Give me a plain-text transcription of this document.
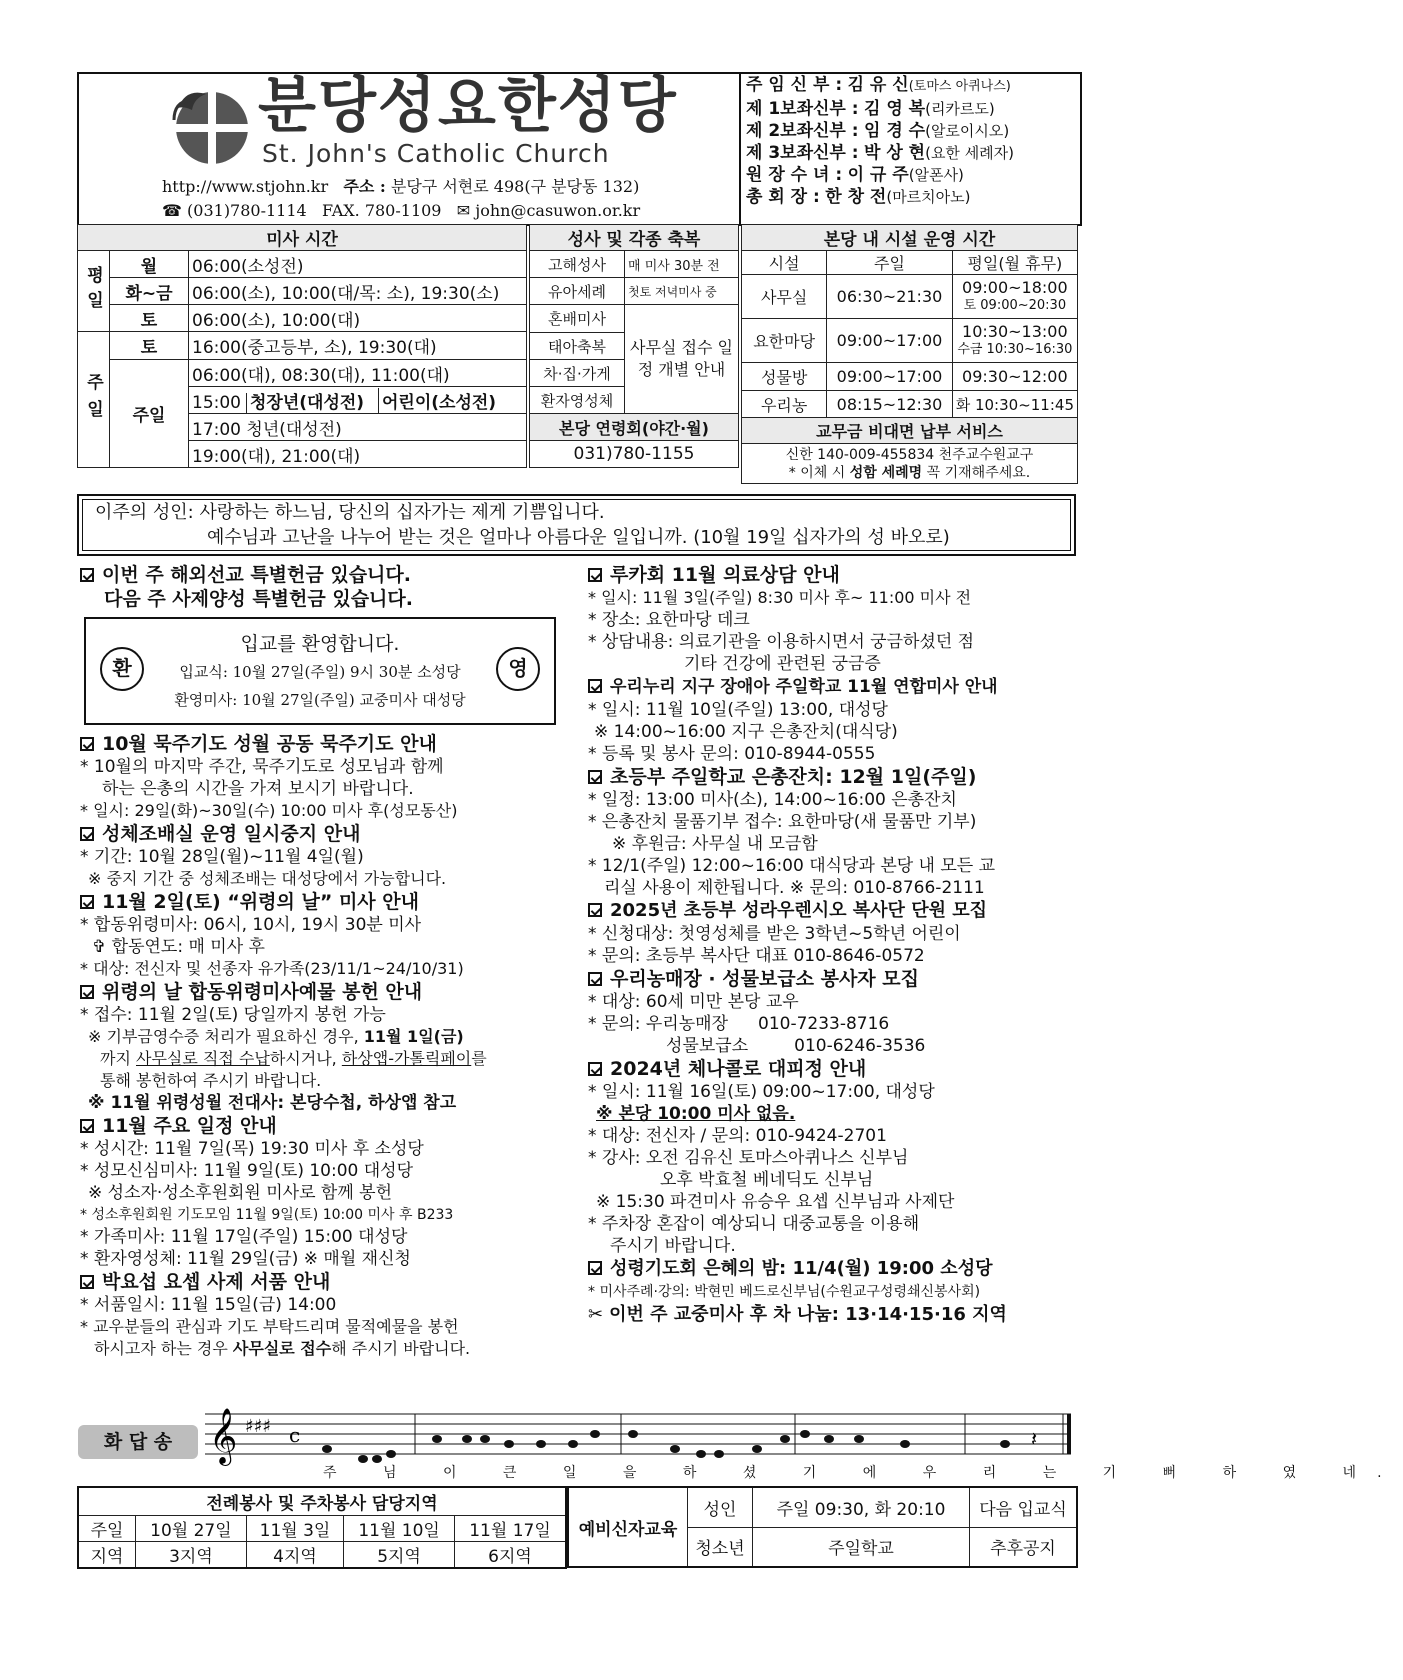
분당성요한성당
St. John's Catholic Church
http://www.stjohn.kr 주소 : 분당구 서현로 498(구 분당동 132)
☎ (031)780-1114 FAX. 780-1109 ✉ john@casuwon.or.kr
주 임 신 부 : 김 유 신(토마스 아퀴나스)
제 1보좌신부 : 김 영 복(리카르도)
제 2보좌신부 : 임 경 수(알로이시오)
제 3보좌신부 : 박 상 현(요한 세례자)
원 장 수 녀 : 이 규 주(알폰사)
총 회 장 : 한 창 전(마르치아노)
미사 시간		
평일	월	06:00(소성전)
	화~금	06:00(소), 10:00(대/목: 소), 19:30(소)
	토	06:00(소), 10:00(대)
주일	토	16:00(중고등부, 소), 19:30(대)
	주일	06:00(대), 08:30(대), 11:00(대)
		15:00 청장년(대성전) 어린이(소성전)
		17:00 청년(대성전)
		19:00(대), 21:00(대)
성사 및 각종 축복	
고해성사	매 미사 30분 전
유아세례	첫토 저녁미사 중
혼배미사	사무실 접수 일정 개별 안내
태아축복	
차·집·가게	
환자영성체	
본당 연령회(야간·월)	
031)780-1155	
본당 내 시설 운영 시간		
시설	주일	평일(월 휴무)
사무실	06:30~21:30	09:00~18:00
토 09:00~20:30

요한마당	09:00~17:00	10:30~13:00
수금 10:30~16:30

성물방	09:00~17:00	09:30~12:00
우리농	08:15~12:30	화 10:30~11:45
교무금 비대면 납부 서비스		

신한 140-009-455834 천주교수원교구
* 이체 시 성함 세례명 꼭 기재해주세요.		
이주의 성인: 사랑하는 하느님, 당신의 십자가는 제게 기쁨입니다.
예수님과 고난을 나누어 받는 것은 얼마나 아름다운 일입니까. (10월 19일 십자가의 성 바오로)
이번 주 해외선교 특별헌금 있습니다.
다음 주 사제양성 특별헌금 있습니다.
환	영
입교를 환영합니다.
입교식: 10월 27일(주일) 9시 30분 소성당
환영미사: 10월 27일(주일) 교중미사 대성당
10월 묵주기도 성월 공동 묵주기도 안내
* 10월의 마지막 주간, 묵주기도로 성모님과 함께
하는 은총의 시간을 가져 보시기 바랍니다.
* 일시: 29일(화)~30일(수) 10:00 미사 후(성모동산)
성체조배실 운영 일시중지 안내
* 기간: 10월 28일(월)~11월 4일(월)
※ 중지 기간 중 성체조배는 대성당에서 가능합니다.
11월 2일(토) “위령의 날” 미사 안내
* 합동위령미사: 06시, 10시, 19시 30분 미사
✞ 합동연도: 매 미사 후
* 대상: 전신자 및 선종자 유가족(23/11/1~24/10/31)
위령의 날 합동위령미사예물 봉헌 안내
* 접수: 11월 2일(토) 당일까지 봉헌 가능
※ 기부금영수증 처리가 필요하신 경우, 11월 1일(금)
까지 사무실로 직접 수납하시거나, 하상앱-가톨릭페이를
통해 봉헌하여 주시기 바랍니다.
※ 11월 위령성월 전대사: 본당수첩, 하상앱 참고
11월 주요 일정 안내
* 성시간: 11월 7일(목) 19:30 미사 후 소성당
* 성모신심미사: 11월 9일(토) 10:00 대성당
※ 성소자·성소후원회원 미사로 함께 봉헌
* 성소후원회원 기도모임 11월 9일(토) 10:00 미사 후 B233
* 가족미사: 11월 17일(주일) 15:00 대성당
* 환자영성체: 11월 29일(금) ※ 매월 재신청
박요섭 요셉 사제 서품 안내
* 서품일시: 11월 15일(금) 14:00
* 교우분들의 관심과 기도 부탁드리며 물적예물을 봉헌
하시고자 하는 경우 사무실로 접수해 주시기 바랍니다.
루카회 11월 의료상담 안내
* 일시: 11월 3일(주일) 8:30 미사 후~ 11:00 미사 전
* 장소: 요한마당 데크
* 상담내용: 의료기관을 이용하시면서 궁금하셨던 점
기타 건강에 관련된 궁금증
우리누리 지구 장애아 주일학교 11월 연합미사 안내
* 일시: 11월 10일(주일) 13:00, 대성당
※ 14:00~16:00 지구 은총잔치(대식당)
* 등록 및 봉사 문의: 010-8944-0555
초등부 주일학교 은총잔치: 12월 1일(주일)
* 일정: 13:00 미사(소), 14:00~16:00 은총잔치
* 은총잔치 물품기부 접수: 요한마당(새 물품만 기부)
※ 후원금: 사무실 내 모금함
* 12/1(주일) 12:00~16:00 대식당과 본당 내 모든 교
리실 사용이 제한됩니다. ※ 문의: 010-8766-2111
2025년 초등부 성라우렌시오 복사단 단원 모집
* 신청대상: 첫영성체를 받은 3학년~5학년 어린이
* 문의: 초등부 복사단 대표 010-8646-0572
우리농매장 · 성물보급소 봉사자 모집
* 대상: 60세 미만 본당 교우
* 문의: 우리농매장 010-7233-8716
성물보급소	010-6246-3536
2024년 체나콜로 대피정 안내
* 일시: 11월 16일(토) 09:00~17:00, 대성당
※ 본당 10:00 미사 없음.
* 대상: 전신자 / 문의: 010-9424-2701
* 강사: 오전 김유신 토마스아퀴나스 신부님
오후 박효철 베네딕도 신부님
※ 15:30 파견미사 유승우 요셉 신부님과 사제단
* 주차장 혼잡이 예상되니 대중교통을 이용해
주시기 바랍니다.
성령기도회 은혜의 밤: 11/4(월) 19:00 소성당
* 미사주례·강의: 박현민 베드로신부님(수원교구성령쇄신봉사회)
✂ 이번 주 교중미사 후 차 나눔: 13·14·15·16 지역
화 답 송 𝄞 ♯♯♯ c	𝄽
주 님 이 큰 일 을 하 셨 기 에 우 리 는 기 뻐 하 였 네.
전례봉사 및 주차봉사 담당지역				
주일	10월 27일	11월 3일	11월 10일	11월 17일
지역	3지역	4지역	5지역	6지역
예비신자교육	성인	주일 09:30, 화 20:10	다음 입교식
	청소년	주일학교	추후공지
